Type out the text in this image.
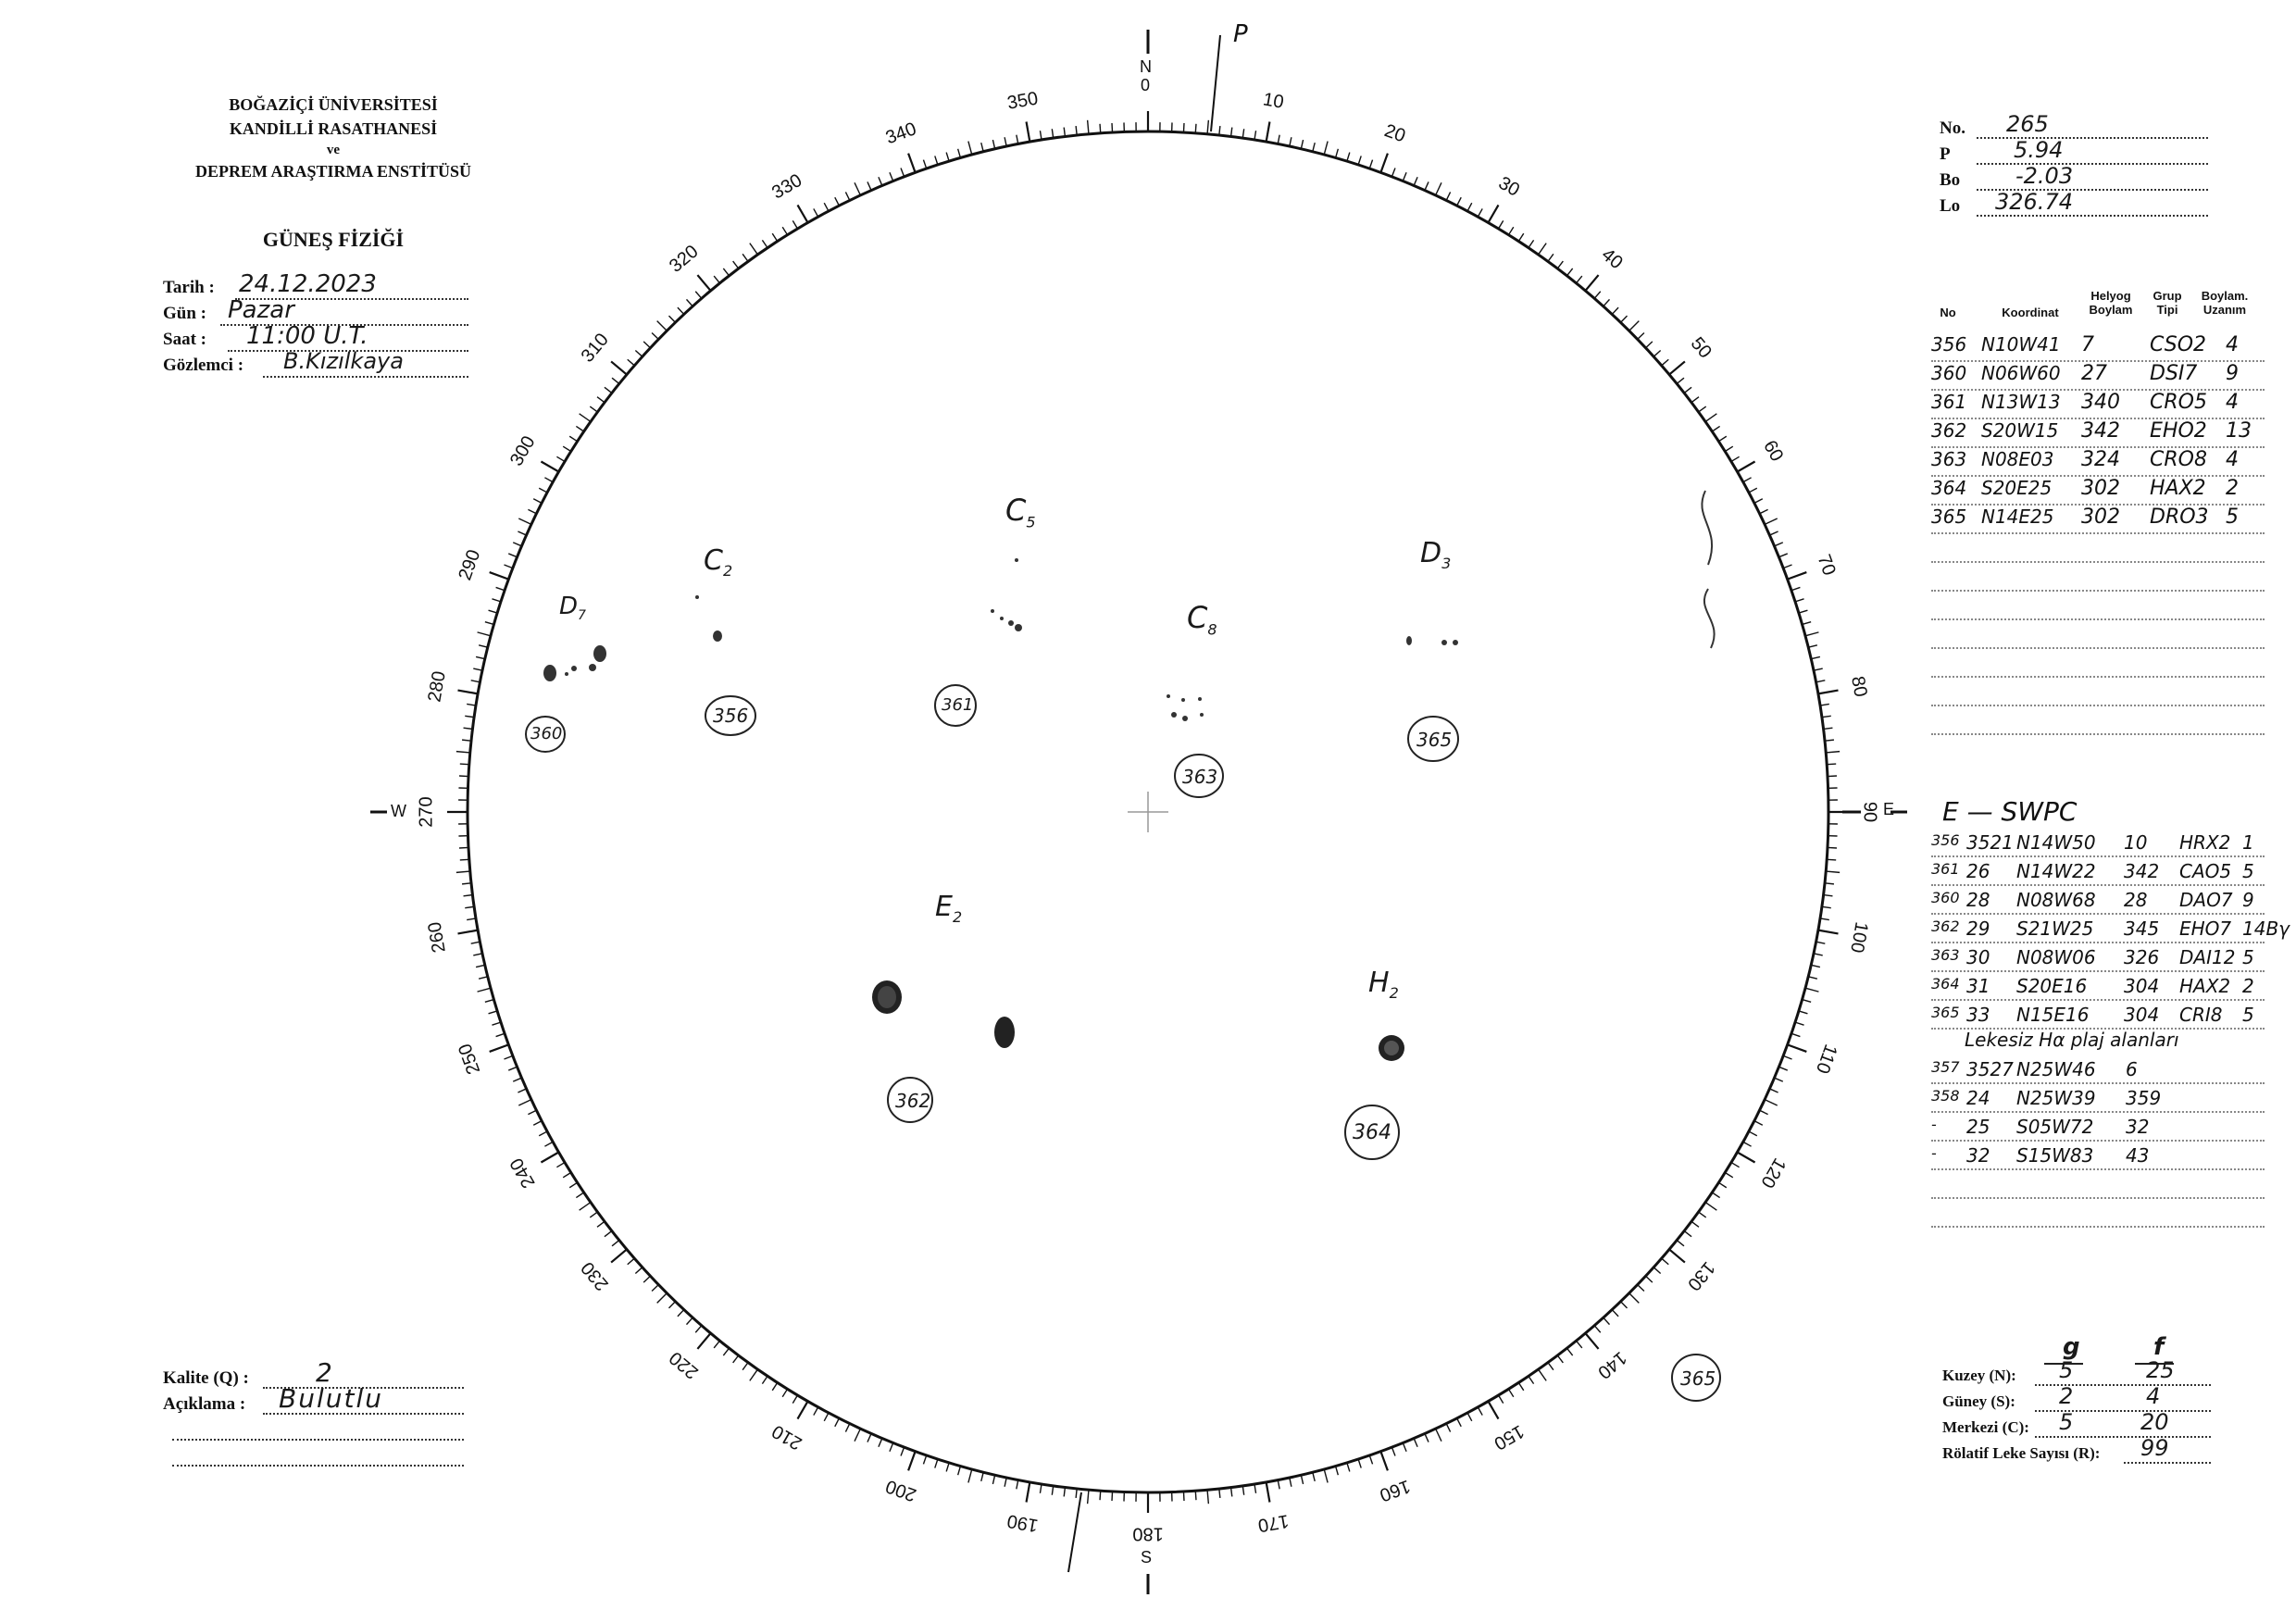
BOĞAZİÇİ ÜNİVERSİTESİ
KANDİLLİ RASATHANESİ
ve
DEPREM ARAŞTIRMA ENSTİTÜSÜ
GÜNEŞ FİZİĞİ
Tarih : 24.12.2023
Gün : Pazar
Saat : 11:00 U.T.
Gözlemci : B.Kızılkaya
10
20
30
40
50
60
70
80
100
110
120
130
140
150
160
170
190
200
210
220
230
240
250
260
280
290
300
310
320
330
340
350
90
180
270
N
0
P
S
W	E
$D_7$
$C_2$
$C_5$
$C_8$
$D_3$
$E_2$
$H_2$
360
356	361
363
365
362
364
365
No. 265
P	5.94
Bo -2.03
Lo 326.74
No	Koordinat
Helyog Boylam
Grup Tipi
Boylam. Uzanım
356 N10W41 7	CSO2 4
360 N06W60 27 DSI7 9
361 N13W13 340 CRO5 4
362 S20W15 342 EHO2 13
363 N08E03 324 CRO8 4
364 S20E25 302 HAX2 2
365 N14E25 302 DRO3 5
E — SWPC
356 3521 N14W50 10 HRX2 1
361 26 N14W22 342 CAO5 5
360 28 N08W68 28 DAO7 9
362 29 S21W25 345 EHO7 14Bγ
363 30 N08W06 326 DAI12 5
364 31 S20E16 304 HAX2 2
365 33 N15E16 304 CRI8 5
Lekesiz Hα plaj alanları
357 3527 N25W46 6
358 24 N25W39 359
- 25 S05W72 32
- 32 S15W83 43
Kalite (Q) :	2
Açıklama : Bulutlu
g	f
Kuzey (N): 5	25
Güney (S): 2	4
Merkezi (C): 5	20
Rölatif Leke Sayısı (R): 99
